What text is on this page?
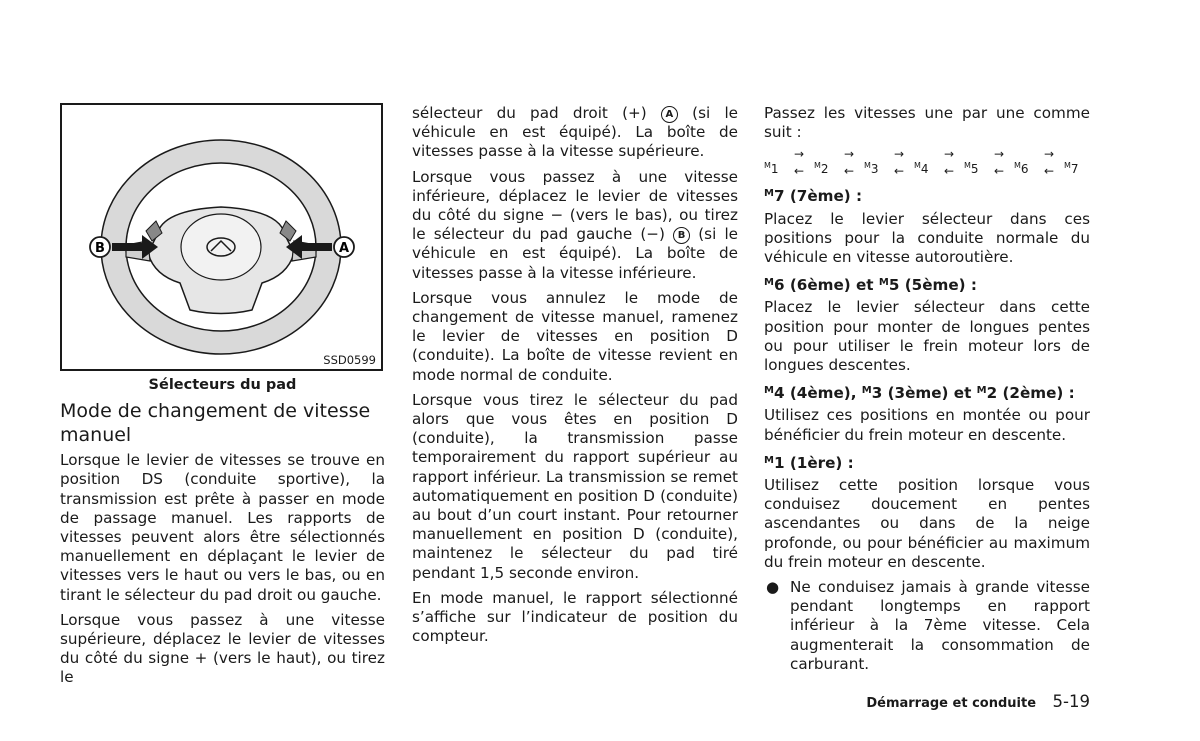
B	A
SSD0599
Sélecteurs du pad
Mode de changement de vitesse manuel

Lorsque le levier de vitesses se trouve en position DS (conduite sportive), la transmission est prête à passer en mode de passage manuel. Les rapports de vitesses peuvent alors être sélectionnés manuellement en déplaçant le levier de vitesses vers le haut ou vers le bas, ou en tirant le sélecteur du pad droit ou gauche.

Lorsque vous passez à une vitesse supérieure, déplacez le levier de vitesses du côté du signe + (vers le haut), ou tirez le

sélecteur du pad droit (+) A (si le véhicule en est équipé). La boîte de vitesses passe à la vitesse supérieure.

Lorsque vous passez à une vitesse inférieure, déplacez le levier de vitesses du côté du signe − (vers le bas), ou tirez le sélecteur du pad gauche (−) B (si le véhicule en est équipé). La boîte de vitesses passe à la vitesse inférieure.

Lorsque vous annulez le mode de changement de vitesse manuel, ramenez le levier de vitesses en position D (conduite). La boîte de vitesse revient en mode normal de conduite.

Lorsque vous tirez le sélecteur du pad alors que vous êtes en position D (conduite), la transmission passe temporairement du rapport supérieur au rapport inférieur. La transmission se remet automatiquement en position D (conduite) au bout d’un court instant. Pour retourner manuellement en position D (conduite), maintenez le sélecteur du pad tiré pendant 1,5 seconde environ.

En mode manuel, le rapport sélectionné s’affiche sur l’indicateur de position du compteur.

Passez les vitesses une par une comme suit :

$^M$1
→
← $^M$2
→
← $^M$3
→
← $^M$4
→
← $^M$5
→
← $^M$6
→
← $^M$7
$^M$7 (7ème) :

Placez le levier sélecteur dans ces positions pour la conduite normale du véhicule en vitesse autoroutière.

$^M$6 (6ème) et $^M$5 (5ème) :

Placez le levier sélecteur dans cette position pour monter de longues pentes ou pour utiliser le frein moteur lors de longues descentes.

$^M$4 (4ème), $^M$3 (3ème) et $^M$2 (2ème) :

Utilisez ces positions en montée ou pour bénéficier du frein moteur en descente.

$^M$1 (1ère) :

Utilisez cette position lorsque vous conduisez doucement en pentes ascendantes ou dans de la neige profonde, ou pour bénéficier au maximum du frein moteur en descente.

● Ne conduisez jamais à grande vitesse pendant longtemps en rapport inférieur à la 7ème vitesse. Cela augmenterait la consommation de carburant.
Démarrage et conduite 5-19
